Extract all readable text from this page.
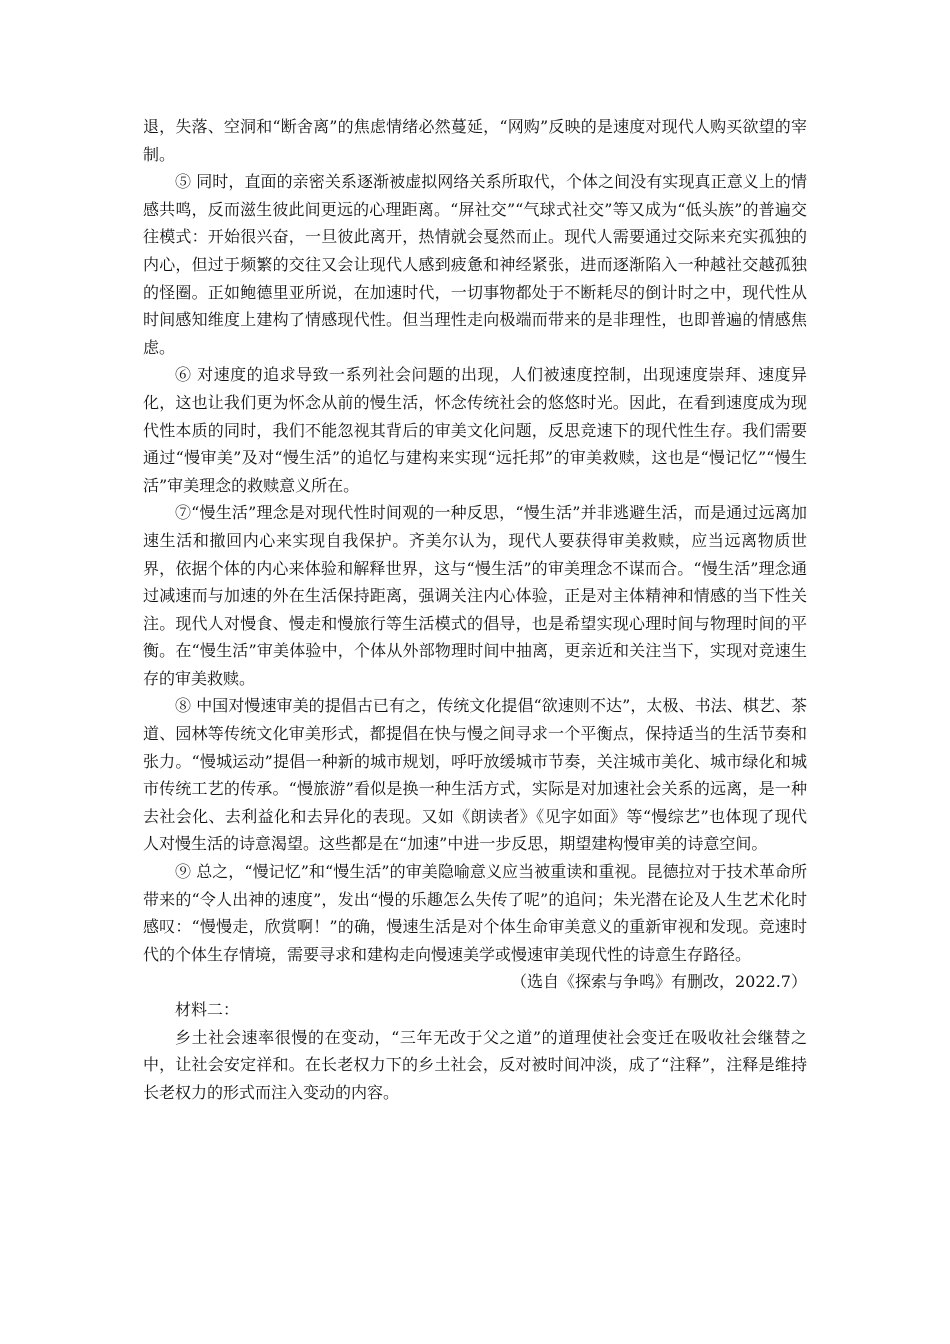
退，失落、空洞和“断舍离”的焦虑情绪必然蔓延，“网购”反映的是速度对现代人购买欲望的宰制。

⑤ 同时，直面的亲密关系逐渐被虚拟网络关系所取代，个体之间没有实现真正意义上的情感共鸣，反而滋生彼此间更远的心理距离。“屏社交”“气球式社交”等又成为“低头族”的普遍交往模式：开始很兴奋，一旦彼此离开，热情就会戛然而止。现代人需要通过交际来充实孤独的内心，但过于频繁的交往又会让现代人感到疲惫和神经紧张，进而逐渐陷入一种越社交越孤独的怪圈。正如鲍德里亚所说，在加速时代，一切事物都处于不断耗尽的倒计时之中，现代性从时间感知维度上建构了情感现代性。但当理性走向极端而带来的是非理性，也即普遍的情感焦虑。

⑥ 对速度的追求导致一系列社会问题的出现，人们被速度控制，出现速度崇拜、速度异化，这也让我们更为怀念从前的慢生活，怀念传统社会的悠悠时光。因此，在看到速度成为现代性本质的同时，我们不能忽视其背后的审美文化问题，反思竞速下的现代性生存。我们需要通过“慢审美”及对“慢生活”的追忆与建构来实现“远托邦”的审美救赎，这也是“慢记忆”“慢生活”审美理念的救赎意义所在。

⑦“慢生活”理念是对现代性时间观的一种反思，“慢生活”并非逃避生活，而是通过远离加速生活和撤回内心来实现自我保护。齐美尔认为，现代人要获得审美救赎，应当远离物质世界，依据个体的内心来体验和解释世界，这与“慢生活”的审美理念不谋而合。“慢生活”理念通过减速而与加速的外在生活保持距离，强调关注内心体验，正是对主体精神和情感的当下性关注。现代人对慢食、慢走和慢旅行等生活模式的倡导，也是希望实现心理时间与物理时间的平衡。在“慢生活”审美体验中，个体从外部物理时间中抽离，更亲近和关注当下，实现对竞速生存的审美救赎。

⑧ 中国对慢速审美的提倡古已有之，传统文化提倡“欲速则不达”，太极、书法、棋艺、茶道、园林等传统文化审美形式，都提倡在快与慢之间寻求一个平衡点，保持适当的生活节奏和张力。“慢城运动”提倡一种新的城市规划，呼吁放缓城市节奏，关注城市美化、城市绿化和城市传统工艺的传承。“慢旅游”看似是换一种生活方式，实际是对加速社会关系的远离，是一种去社会化、去利益化和去异化的表现。又如《朗读者》《见字如面》等“慢综艺”也体现了现代人对慢生活的诗意渴望。这些都是在“加速”中进一步反思，期望建构慢审美的诗意空间。

⑨ 总之，“慢记忆”和“慢生活”的审美隐喻意义应当被重读和重视。昆德拉对于技术革命所带来的“令人出神的速度”，发出“慢的乐趣怎么失传了呢”的追问；朱光潜在论及人生艺术化时感叹：“慢慢走，欣赏啊！”的确，慢速生活是对个体生命审美意义的重新审视和发现。竞速时代的个体生存情境，需要寻求和建构走向慢速美学或慢速审美现代性的诗意生存路径。

（选自《探索与争鸣》有删改，2022.7）

材料二：

乡土社会速率很慢的在变动，“三年无改于父之道”的道理使社会变迁在吸收社会继替之中，让社会安定祥和。在长老权力下的乡土社会，反对被时间冲淡，成了“注释”，注释是维持长老权力的形式而注入变动的内容。
